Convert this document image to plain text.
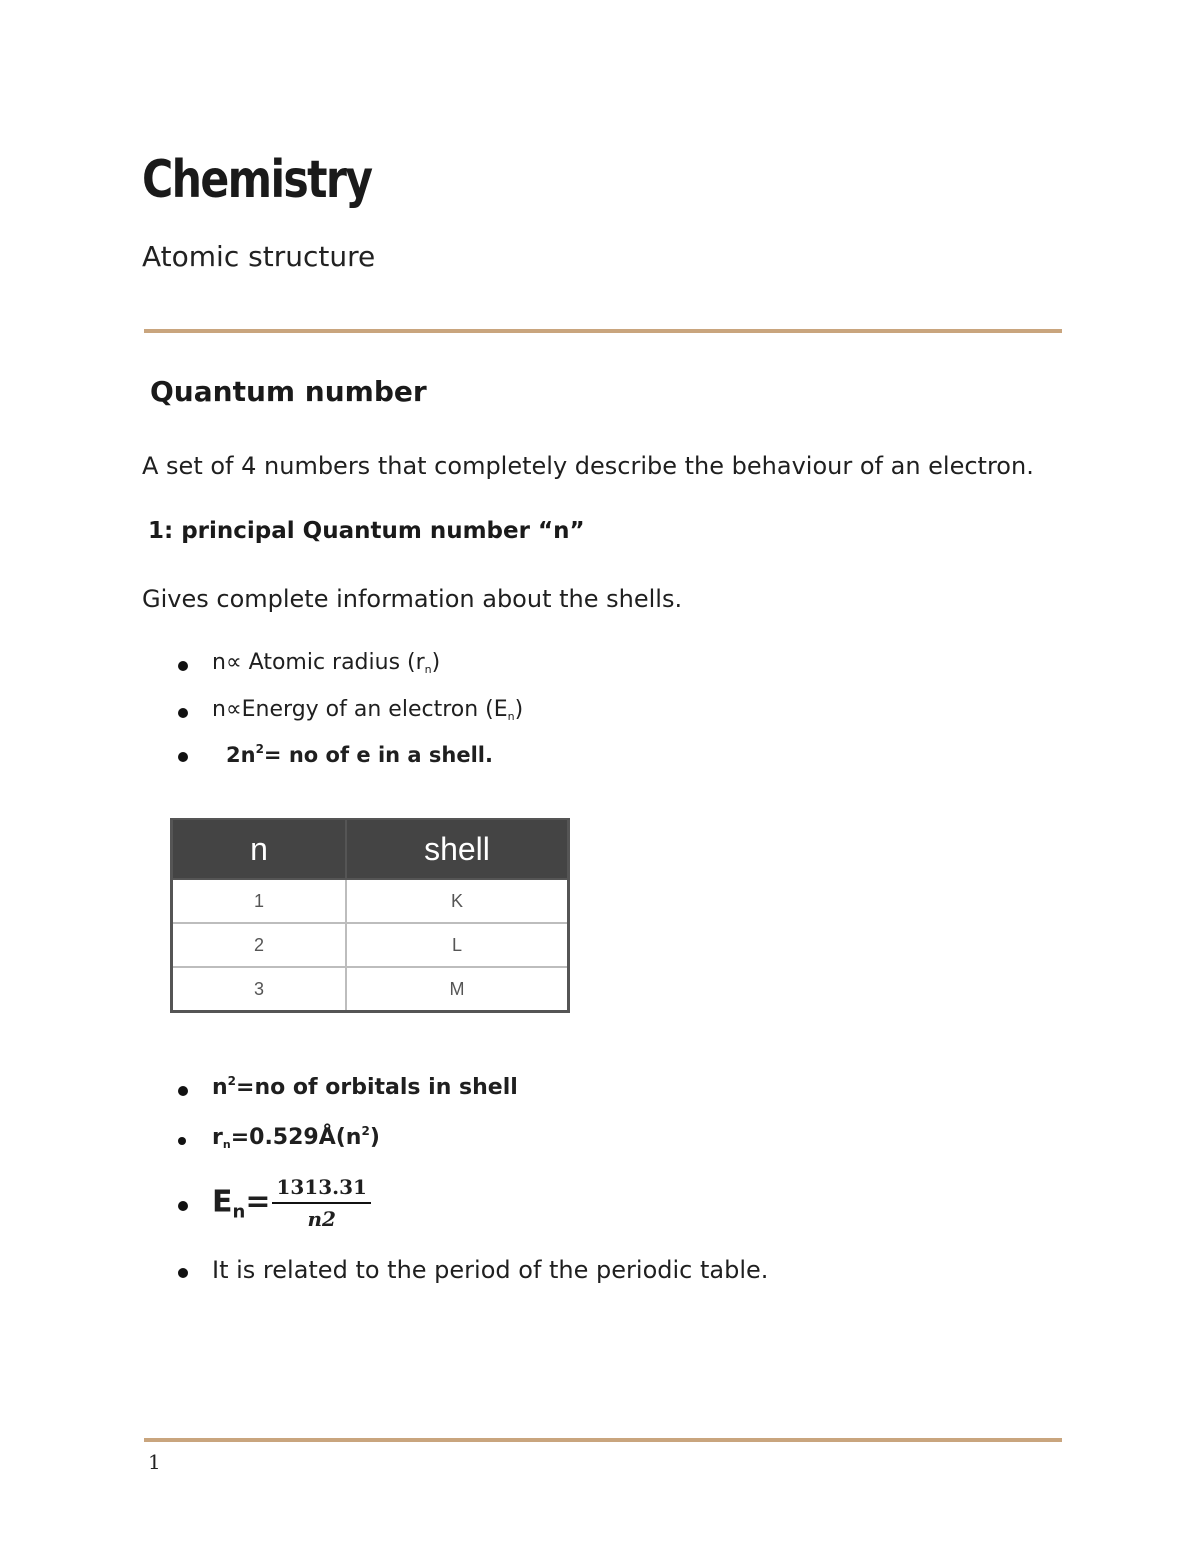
Chemistry
Atomic structure
Quantum number
A set of 4 numbers that completely describe the behaviour of an electron.
1: principal Quantum number “n”
Gives complete information about the shells.
n∝ Atomic radius $(r_n)$
n∝Energy of an electron $(E_n)$
$2n^2=$ no of e in a shell.
n	shell
1	K
2	L
3	M
$n^2=no$ of orbitals in shell
$r_n=0.529Å(n^2)$
$E_n= \frac{1313.31}{n2}$
It is related to the period of the periodic table.
1
